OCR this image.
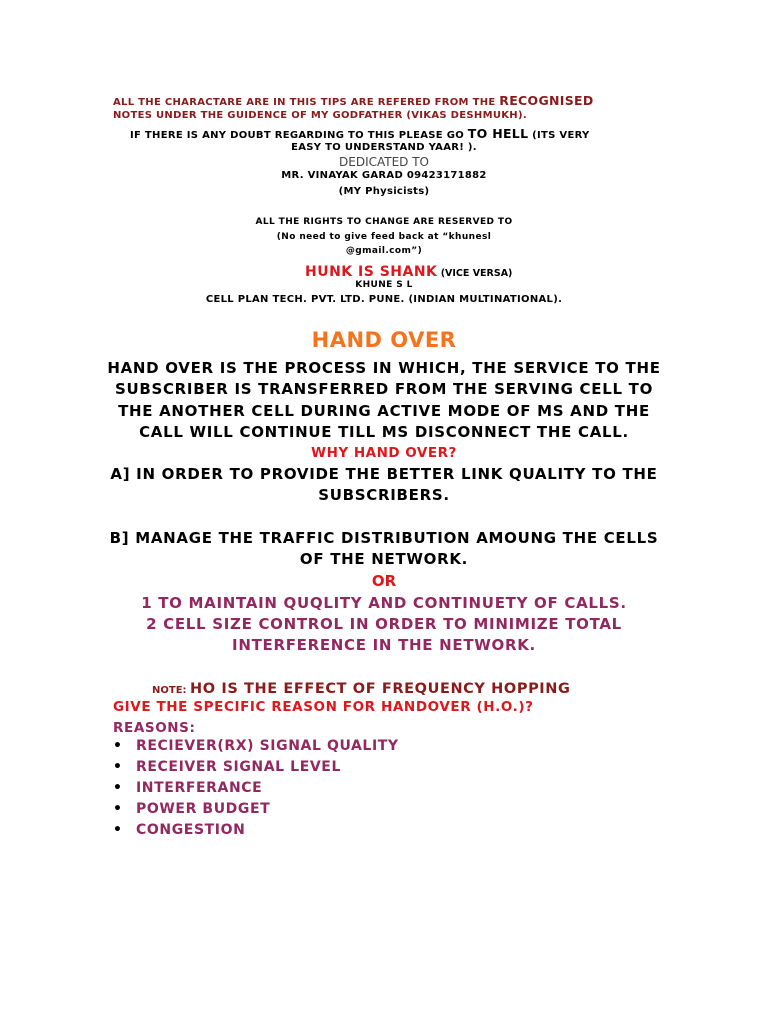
ALL THE CHARACTARE ARE IN THIS TIPS ARE REFERED FROM THE RECOGNISED
NOTES UNDER THE GUIDENCE OF MY GODFATHER (VIKAS DESHMUKH).
IF THERE IS ANY DOUBT REGARDING TO THIS PLEASE GO TO HELL (ITS VERY
EASY TO UNDERSTAND YAAR! ).
DEDICATED TO
MR. VINAYAK GARAD 09423171882
(MY Physicists)
ALL THE RIGHTS TO CHANGE ARE RESERVED TO
(No need to give feed back at “khunesl
@gmail.com”)
HUNK IS SHANK (VICE VERSA)
KHUNE S L
CELL PLAN TECH. PVT. LTD. PUNE. (INDIAN MULTINATIONAL).
HAND OVER
HAND OVER IS THE PROCESS IN WHICH, THE SERVICE TO THE
SUBSCRIBER IS TRANSFERRED FROM THE SERVING CELL TO
THE ANOTHER CELL DURING ACTIVE MODE OF MS AND THE
CALL WILL CONTINUE TILL MS DISCONNECT THE CALL.
WHY HAND OVER?
A] IN ORDER TO PROVIDE THE BETTER LINK QUALITY TO THE
SUBSCRIBERS.
B] MANAGE THE TRAFFIC DISTRIBUTION AMOUNG THE CELLS
OF THE NETWORK.
OR
1 TO MAINTAIN QUQLITY AND CONTINUETY OF CALLS.
2 CELL SIZE CONTROL IN ORDER TO MINIMIZE TOTAL
INTERFERENCE IN THE NETWORK.
NOTE: HO IS THE EFFECT OF FREQUENCY HOPPING
GIVE THE SPECIFIC REASON FOR HANDOVER (H.O.)?
REASONS:
• RECIEVER(RX) SIGNAL QUALITY
• RECEIVER SIGNAL LEVEL
• INTERFERANCE
• POWER BUDGET
• CONGESTION
